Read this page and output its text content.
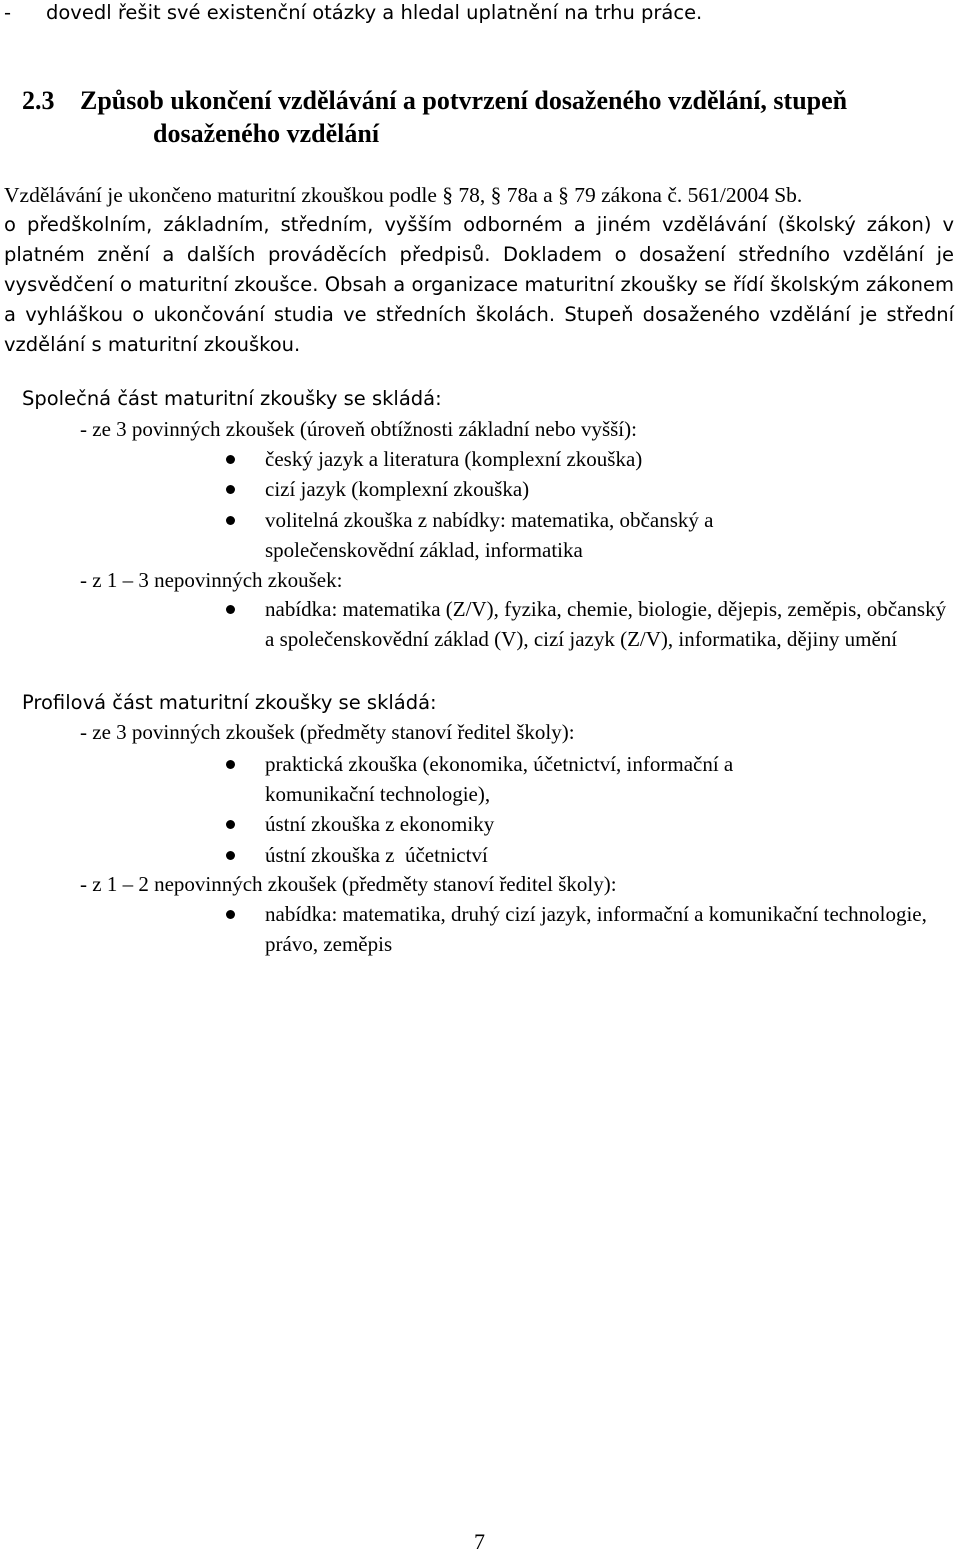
- dovedl řešit své existenční otázky a hledal uplatnění na trhu práce.
2.3 Způsob ukončení vzdělávání a potvrzení dosaženého vzdělání, stupeň
dosaženého vzdělání
Vzdělávání je ukončeno maturitní zkouškou podle § 78, § 78a a § 79 zákona č. 561/2004 Sb.
o předškolním, základním, středním, vyšším odborném a jiném vzdělávání (školský zákon) v platném znění a dalších prováděcích předpisů. Dokladem o dosažení středního vzdělání je vysvědčení o maturitní zkoušce. Obsah a organizace maturitní zkoušky se řídí školským zákonem a vyhláškou o ukončování studia ve středních školách. Stupeň dosaženého vzdělání je střední vzdělání s maturitní zkouškou.
Společná část maturitní zkoušky se skládá:
- ze 3 povinných zkoušek (úroveň obtížnosti základní nebo vyšší):
český jazyk a literatura (komplexní zkouška)
cizí jazyk (komplexní zkouška)
volitelná zkouška z nabídky: matematika, občanský a společenskovědní základ, informatika
- z 1 – 3 nepovinných zkoušek:
nabídka: matematika (Z/V), fyzika, chemie, biologie, dějepis, zeměpis, občanský a společenskovědní základ (V), cizí jazyk (Z/V), informatika, dějiny umění
Profilová část maturitní zkoušky se skládá:
- ze 3 povinných zkoušek (předměty stanoví ředitel školy):
praktická zkouška (ekonomika, účetnictví, informační a komunikační technologie),
ústní zkouška z ekonomiky
ústní zkouška z  účetnictví
- z 1 – 2 nepovinných zkoušek (předměty stanoví ředitel školy):
nabídka: matematika, druhý cizí jazyk, informační a komunikační technologie, právo, zeměpis
7
